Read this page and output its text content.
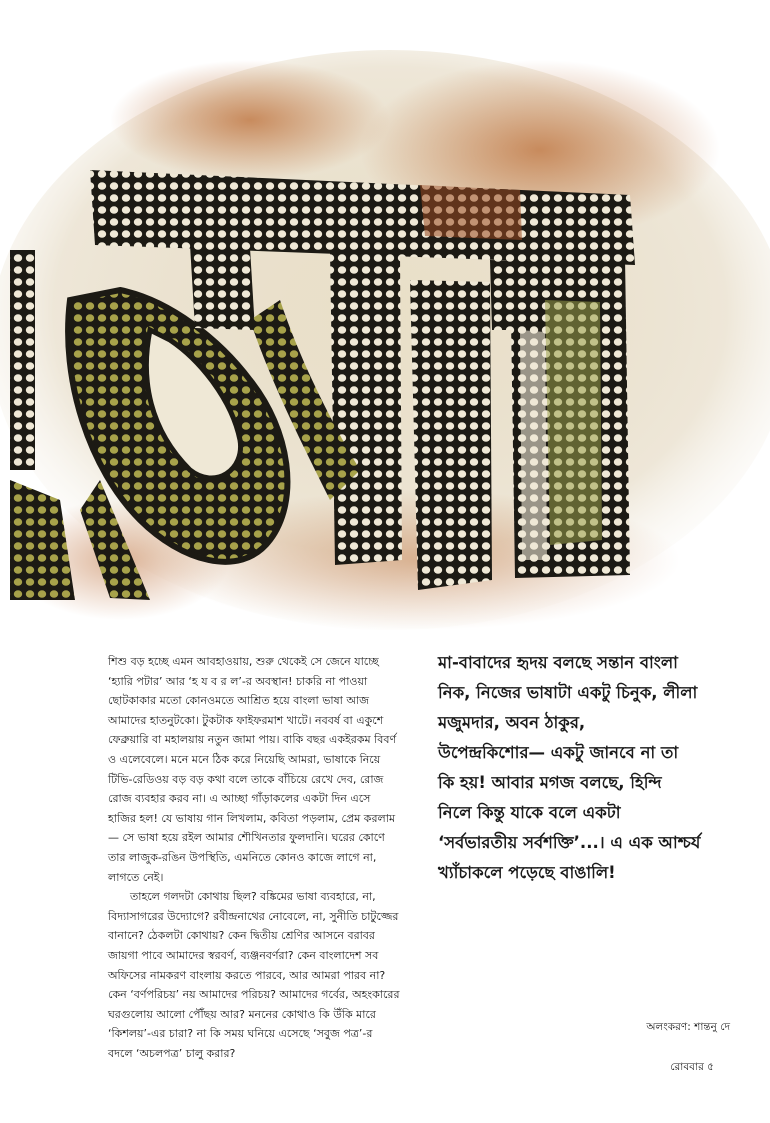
শিশু বড় হচ্ছে এমন আবহাওয়ায়, শুরু থেকেই সে জেনে যাচ্ছে ‘হ্যারি পটার’ আর ‘হ য ব র ল’-র অবস্থান! চাকরি না পাওয়া ছোটকাকার মতো কোনওমতে আশ্রিত হয়ে বাংলা ভাষা আজ আমাদের হাতনুটকো। টুকটাক ফাইফরমাশ খাটে। নববর্ষ বা একুশে ফেব্রুয়ারি বা মহালয়ায় নতুন জামা পায়। বাকি বছর একইরকম বিবর্ণ ও এলেবেলে। মনে মনে ঠিক করে নিয়েছি আমরা, ভাষাকে নিয়ে টিভি-রেডিওয় বড় বড় কথা বলে তাকে বাঁচিয়ে রেখে দেব, রোজ রোজ ব্যবহার করব না। এ আচ্ছা গাঁড়াকলের একটা দিন এসে হাজির হল! যে ভাষায় গান লিখলাম, কবিতা পড়লাম, প্রেম করলাম— সে ভাষা হয়ে রইল আমার শৌখিনতার ফুলদানি। ঘরের কোণে তার লাজুক-রঙিন উপস্থিতি, এমনিতে কোনও কাজে লাগে না, লাগতে নেই।

তাহলে গলদটা কোথায় ছিল? বঙ্কিমের ভাষা ব্যবহারে, না, বিদ্যাসাগরের উদ্যোগে? রবীন্দ্রনাথের নোবেলে, না, সুনীতি চাটুজ্জের বানানে? ঠেকলটা কোথায়? কেন দ্বিতীয় শ্রেণির আসনে বরাবর জায়গা পাবে আমাদের স্বরবর্ণ, ব্যঞ্জনবর্ণরা? কেন বাংলাদেশ সব অফিসের নামকরণ বাংলায় করতে পারবে, আর আমরা পারব না? কেন ‘বর্ণপরিচয়’ নয় আমাদের পরিচয়? আমাদের গর্বের, অহংকারের ঘরগুলোয় আলো পৌঁছয় আর? মননের কোথাও কি উঁকি মারে ‘কিশলয়’-এর চারা? না কি সময় ঘনিয়ে এসেছে ‘সবুজ পত্র’-র বদলে ‘অচলপত্র’ চালু করার?

মা-বাবাদের হৃদয় বলছে সন্তান বাংলা
নিক, নিজের ভাষাটা একটু চিনুক, লীলা
মজুমদার, অবন ঠাকুর,
উপেন্দ্রকিশোর— একটু জানবে না তা
কি হয়! আবার মগজ বলছে, হিন্দি
নিলে কিন্তু যাকে বলে একটা
‘সর্বভারতীয় সর্বশক্তি’...। এ এক আশ্চর্য
খ্যাঁচাকলে পড়েছে বাঙালি!
অলংকরণ: শান্তনু দে
রোববার ৫
